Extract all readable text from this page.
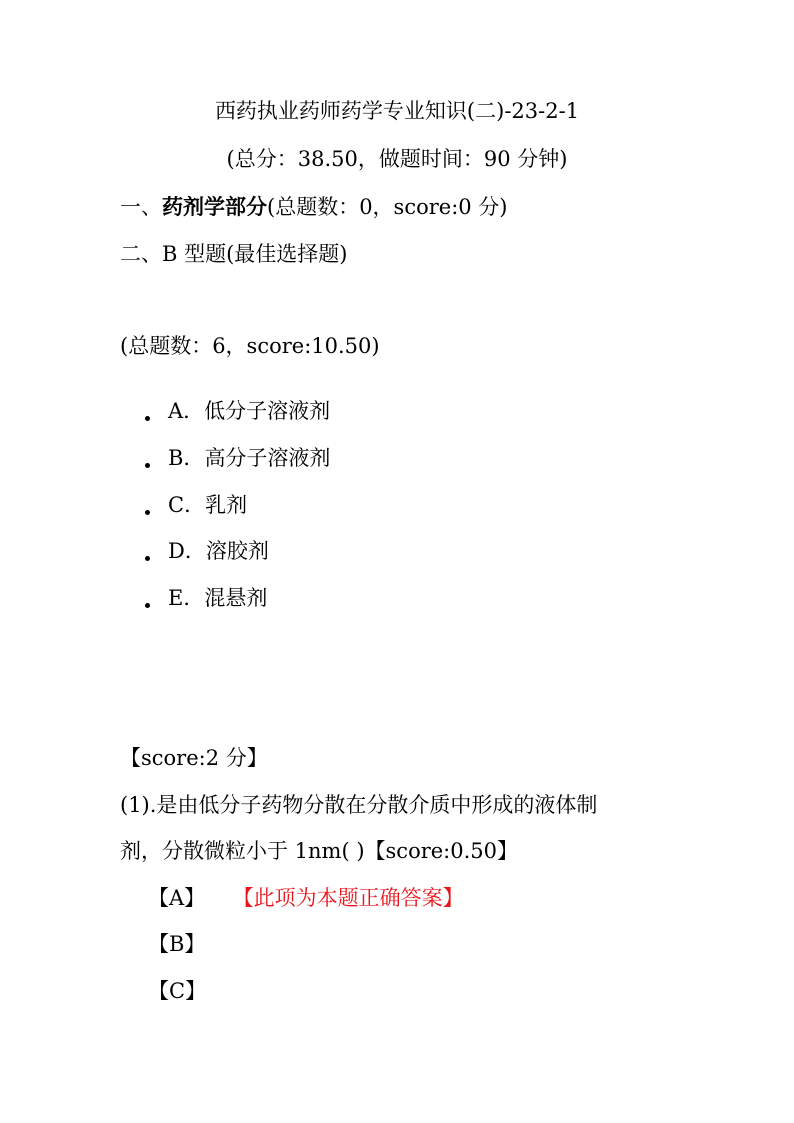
西药执业药师药学专业知识(二)-23-2-1
(总分：38.50，做题时间：90 分钟)
一、药剂学部分(总题数：0，score:0 分)
二、B 型题(最佳选择题)
(总题数：6，score:10.50)
A．低分子溶液剂
B．高分子溶液剂
C．乳剂
D．溶胶剂
E．混悬剂
【score:2 分】
(1).是由低分子药物分散在分散介质中形成的液体制
剂，分散微粒小于 1nm( )【score:0.50】
【A】 【此项为本题正确答案】
【B】
【C】
